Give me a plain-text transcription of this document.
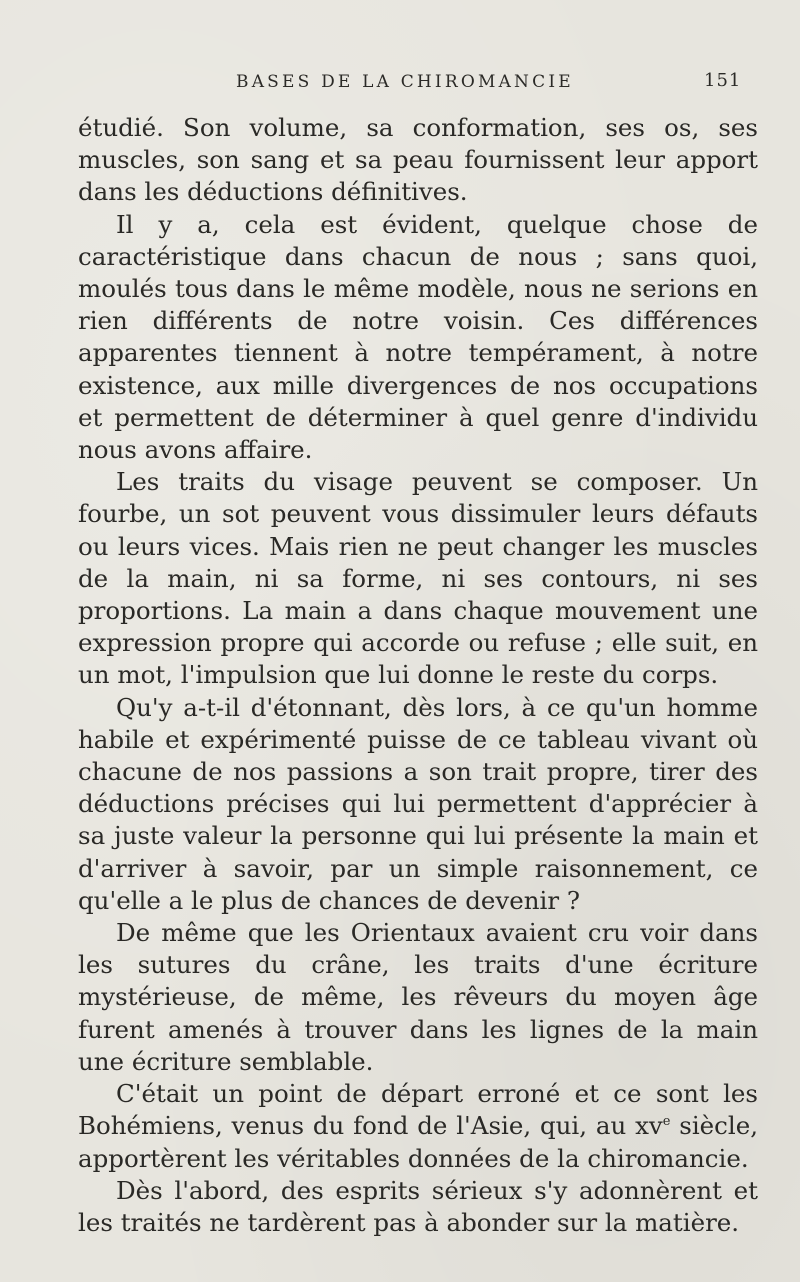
BASES DE LA CHIROMANCIE	151

étudié. Son volume, sa conformation, ses os, ses muscles, son sang et sa peau fournissent leur apport dans les déductions définitives.

Il y a, cela est évident, quelque chose de caractéristique dans chacun de nous ; sans quoi, moulés tous dans le même modèle, nous ne serions en rien différents de notre voisin. Ces différences apparentes tiennent à notre tempérament, à notre existence, aux mille divergences de nos occupations et permettent de déterminer à quel genre d'individu nous avons affaire.

Les traits du visage peuvent se composer. Un fourbe, un sot peuvent vous dissimuler leurs défauts ou leurs vices. Mais rien ne peut changer les muscles de la main, ni sa forme, ni ses contours, ni ses proportions. La main a dans chaque mouvement une expression propre qui accorde ou refuse ; elle suit, en un mot, l'impulsion que lui donne le reste du corps.

Qu'y a-t-il d'étonnant, dès lors, à ce qu'un homme habile et expérimenté puisse de ce tableau vivant où chacune de nos passions a son trait propre, tirer des déductions précises qui lui permettent d'apprécier à sa juste valeur la personne qui lui présente la main et d'arriver à savoir, par un simple raisonnement, ce qu'elle a le plus de chances de devenir ?

De même que les Orientaux avaient cru voir dans les sutures du crâne, les traits d'une écriture mystérieuse, de même, les rêveurs du moyen âge furent amenés à trouver dans les lignes de la main une écriture semblable.

C'était un point de départ erroné et ce sont les Bohémiens, venus du fond de l'Asie, qui, au $xv^e$ siècle, apportèrent les véritables données de la chiromancie.

Dès l'abord, des esprits sérieux s'y adonnèrent et les traités ne tardèrent pas à abonder sur la matière.
